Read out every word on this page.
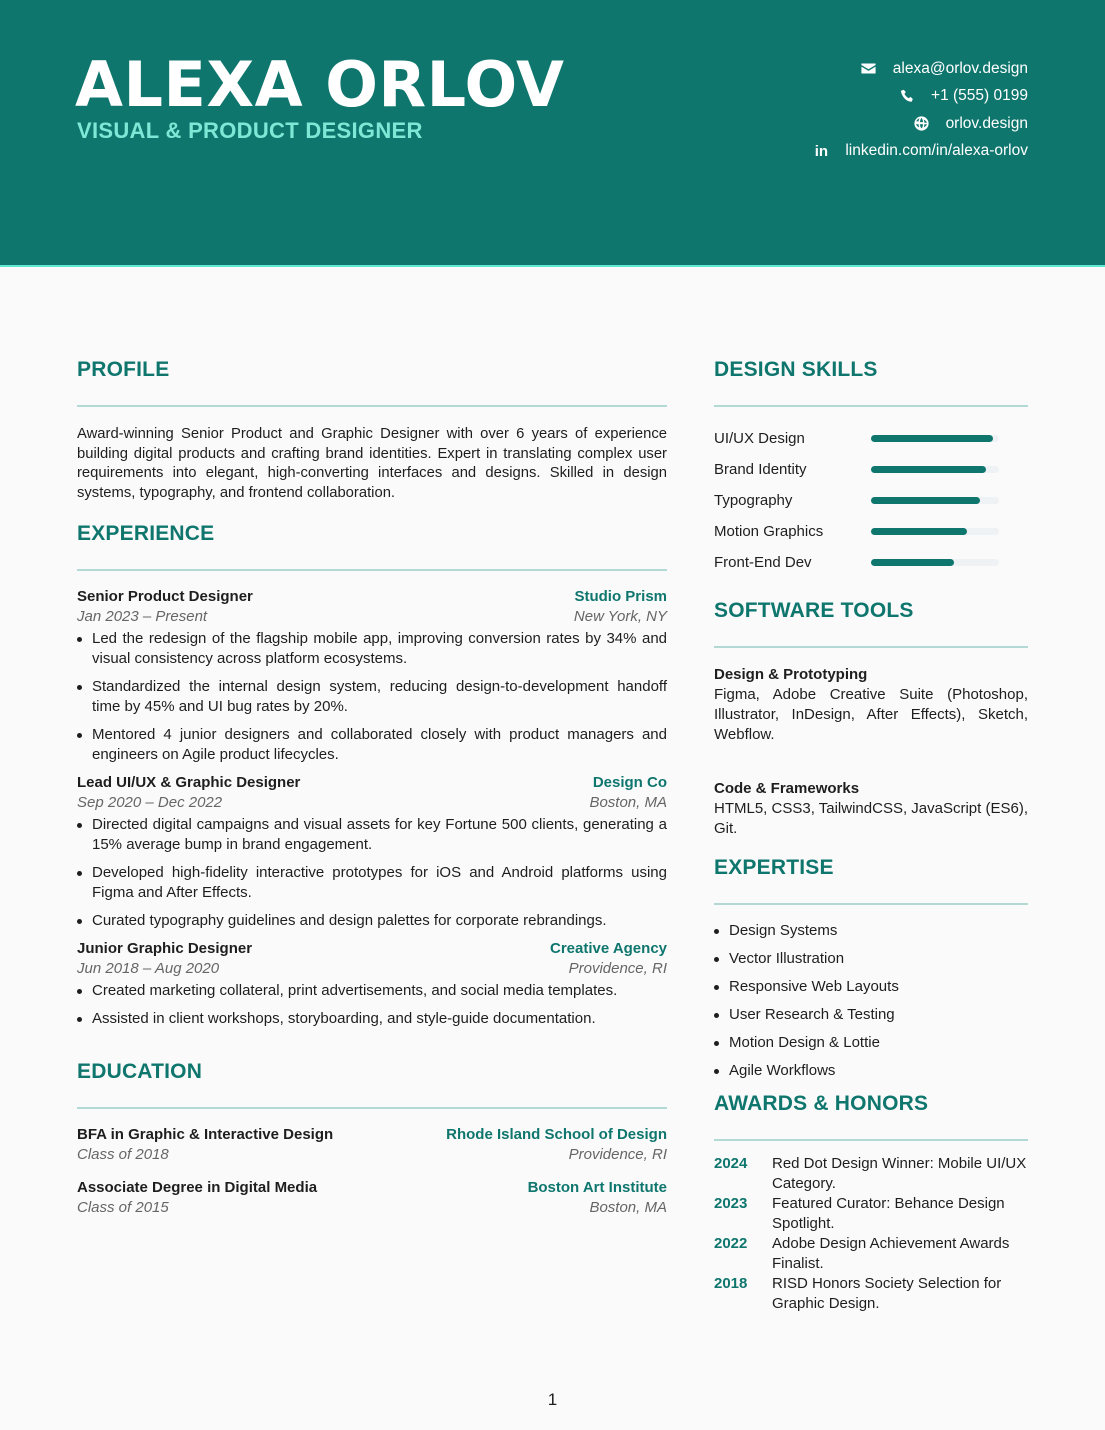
ALEXA ORLOV
VISUAL & PRODUCT DESIGNER
alexa@orlov.design
+1 (555) 0199
orlov.design
in linkedin.com/in/alexa-orlov
PROFILE

Award-winning Senior Product and Graphic Designer with over 6 years of experience building digital products and crafting brand identities. Expert in translating complex user requirements into elegant, high-converting interfaces and designs. Skilled in design systems, typography, and frontend collaboration.

EXPERIENCE
Senior Product Designer	Studio Prism
Jan 2023 – Present	New York, NY
Led the redesign of the flagship mobile app, improving conversion rates by 34% and visual consistency across platform ecosystems.
Standardized the internal design system, reducing design-to-development handoff time by 45% and UI bug rates by 20%.
Mentored 4 junior designers and collaborated closely with product managers and engineers on Agile product lifecycles.
Lead UI/UX & Graphic Designer	Design Co
Sep 2020 – Dec 2022	Boston, MA
Directed digital campaigns and visual assets for key Fortune 500 clients, generating a 15% average bump in brand engagement.
Developed high-fidelity interactive prototypes for iOS and Android platforms using Figma and After Effects.
Curated typography guidelines and design palettes for corporate rebrandings.
Junior Graphic Designer	Creative Agency
Jun 2018 – Aug 2020	Providence, RI
Created marketing collateral, print advertisements, and social media templates.
Assisted in client workshops, storyboarding, and style-guide documentation.
EDUCATION
BFA in Graphic & Interactive Design	Rhode Island School of Design
Class of 2018	Providence, RI
Associate Degree in Digital Media	Boston Art Institute
Class of 2015	Boston, MA
DESIGN SKILLS
UI/UX Design
Brand Identity
Typography
Motion Graphics
Front-End Dev
SOFTWARE TOOLS
Design & Prototyping
Figma, Adobe Creative Suite (Photoshop, Illustrator, InDesign, After Effects), Sketch, Webflow.
Code & Frameworks
HTML5, CSS3, TailwindCSS, JavaScript (ES6), Git.
EXPERTISE
Design Systems
Vector Illustration
Responsive Web Layouts
User Research & Testing
Motion Design & Lottie
Agile Workflows
AWARDS & HONORS
2024	Red Dot Design Winner: Mobile UI/UX Category.
2023	Featured Curator: Behance Design Spotlight.
2022	Adobe Design Achievement Awards Finalist.
2018	RISD Honors Society Selection for Graphic Design.
1
